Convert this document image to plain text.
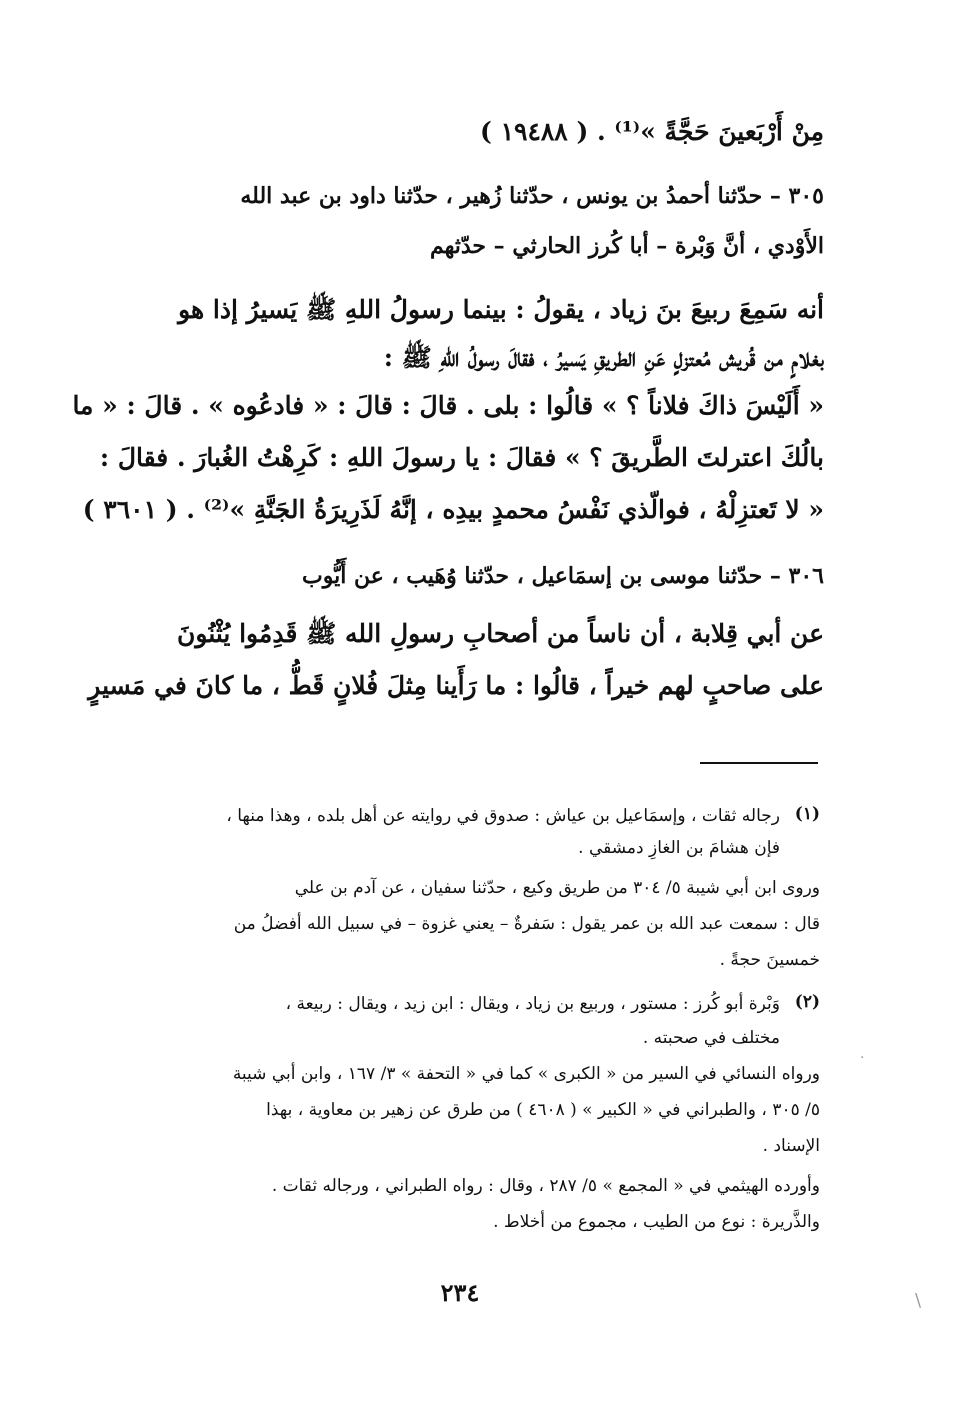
مِنْ أَرْبَعينَ حَجَّةً »⁽¹⁾ . ( ١٩٤٨٨ )
٣٠٥ – حدّثنا أحمدُ بن يونس ، حدّثنا زُهير ، حدّثنا داود بن عبد الله
الأَوْدي ، أنَّ وَبْرة – أبا كُرز الحارثي – حدّثهم
أنه سَمِعَ ربيعَ بنَ زياد ، يقولُ : بينما رسولُ اللهِ ﷺ يَسيرُ إذا هو
بغلامٍ من قُريش مُعتزلٍ عَنِ الطريقِ يَسيرُ ، فقالَ رسولُ اللهِ ﷺ :
« أَلَيْسَ ذاكَ فلاناً ؟ » قالُوا : بلى . قالَ : قالَ : « فادعُوه » . قالَ : « ما
بالُكَ اعترلتَ الطَّريقَ ؟ » فقالَ : يا رسولَ اللهِ : كَرِهْتُ الغُبارَ . فقالَ :
« لا تَعتزِلْهُ ، فوالّذي نَفْسُ محمدٍ بيدِه ، إنَّهُ لَذَرِيرَةُ الجَنَّةِ »⁽²⁾ . ( ٣٦٠١ )
٣٠٦ – حدّثنا موسى بن إسمَاعيل ، حدّثنا وُهَيب ، عن أَيُّوب
عن أبي قِلابة ، أن ناساً من أصحابِ رسولِ الله ﷺ قَدِمُوا يُثْنُونَ
على صاحبٍ لهم خيراً ، قالُوا : ما رَأَينا مِثلَ فُلانٍ قَطُّ ، ما كانَ في مَسيرٍ
(١)
رجاله ثقات ، وإسمَاعيل بن عياش : صدوق في روايته عن أهل بلده ، وهذا منها ،
فإن هشامَ بن الغازِ دمشقي .
وروى ابن أبي شيبة ٥/ ٣٠٤ من طريق وكيع ، حدّثنا سفيان ، عن آدم بن علي
قال : سمعت عبد الله بن عمر يقول : سَفرةٌ – يعني غزوة – في سبيل الله أفضلُ من
خمسينَ حجةً .
(٢)
وَبْرة أبو كُرز : مستور ، وربيع بن زياد ، ويقال : ابن زيد ، ويقال : ربيعة ،
مختلف في صحبته .
ورواه النسائي في السير من « الكبرى » كما في « التحفة » ٣/ ١٦٧ ، وابن أبي شيبة
٥/ ٣٠٥ ، والطبراني في « الكبير » ( ٤٦٠٨ ) من طرق عن زهير بن معاوية ، بهذا
الإسناد .
وأورده الهيثمي في « المجمع » ٥/ ٢٨٧ ، وقال : رواه الطبراني ، ورجاله ثقات .
والذَّريرة : نوع من الطيب ، مجموع من أخلاط .
٢٣٤
·
\
